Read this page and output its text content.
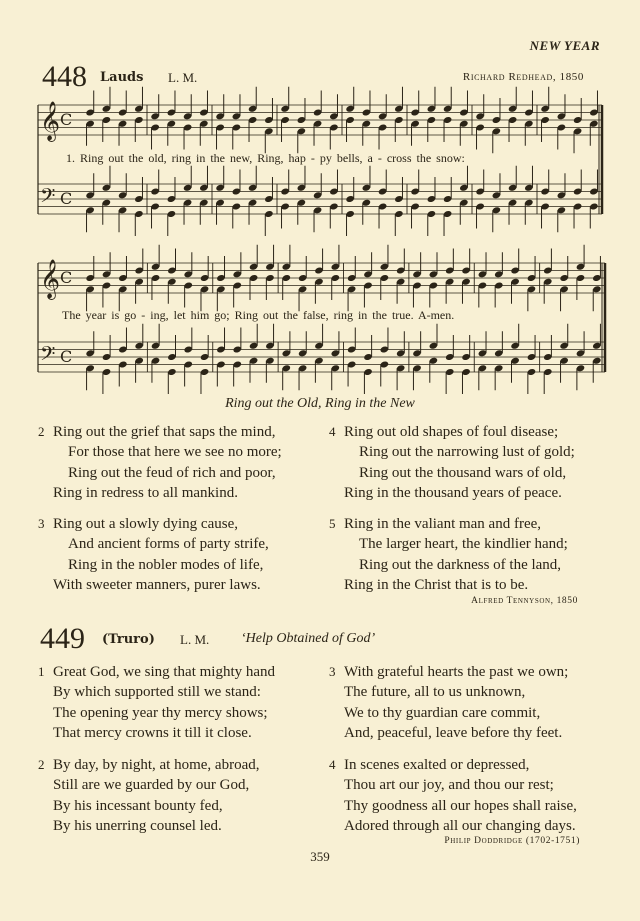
𝄞
𝄢
C
C
𝄞
𝄢
C
C
NEW YEAR
448 Lauds L. M.	Richard Redhead, 1850
1. Ring out the old, ring in the new, Ring, hap - py bells, a - cross the snow:
The year is go - ing, let him go; Ring out the false, ring in the true. A-men.
Ring out the Old, Ring in the New
2 Ring out the grief that saps the mind,
For those that here we see no more;
Ring out the feud of rich and poor,
Ring in redress to all mankind.
3 Ring out a slowly dying cause,
And ancient forms of party strife,
Ring in the nobler modes of life,
With sweeter manners, purer laws.
4 Ring out old shapes of foul disease;
Ring out the narrowing lust of gold;
Ring out the thousand wars of old,
Ring in the thousand years of peace.
5 Ring in the valiant man and free,
The larger heart, the kindlier hand;
Ring out the darkness of the land,
Ring in the Christ that is to be.
Alfred Tennyson, 1850
449 (Truro) L. M. ‘Help Obtained of God’
1 Great God, we sing that mighty hand
By which supported still we stand:
The opening year thy mercy shows;
That mercy crowns it till it close.
2 By day, by night, at home, abroad,
Still are we guarded by our God,
By his incessant bounty fed,
By his unerring counsel led.
3 With grateful hearts the past we own;
The future, all to us unknown,
We to thy guardian care commit,
And, peaceful, leave before thy feet.
4 In scenes exalted or depressed,
Thou art our joy, and thou our rest;
Thy goodness all our hopes shall raise,
Adored through all our changing days.
Philip Doddridge (1702-1751)
359
